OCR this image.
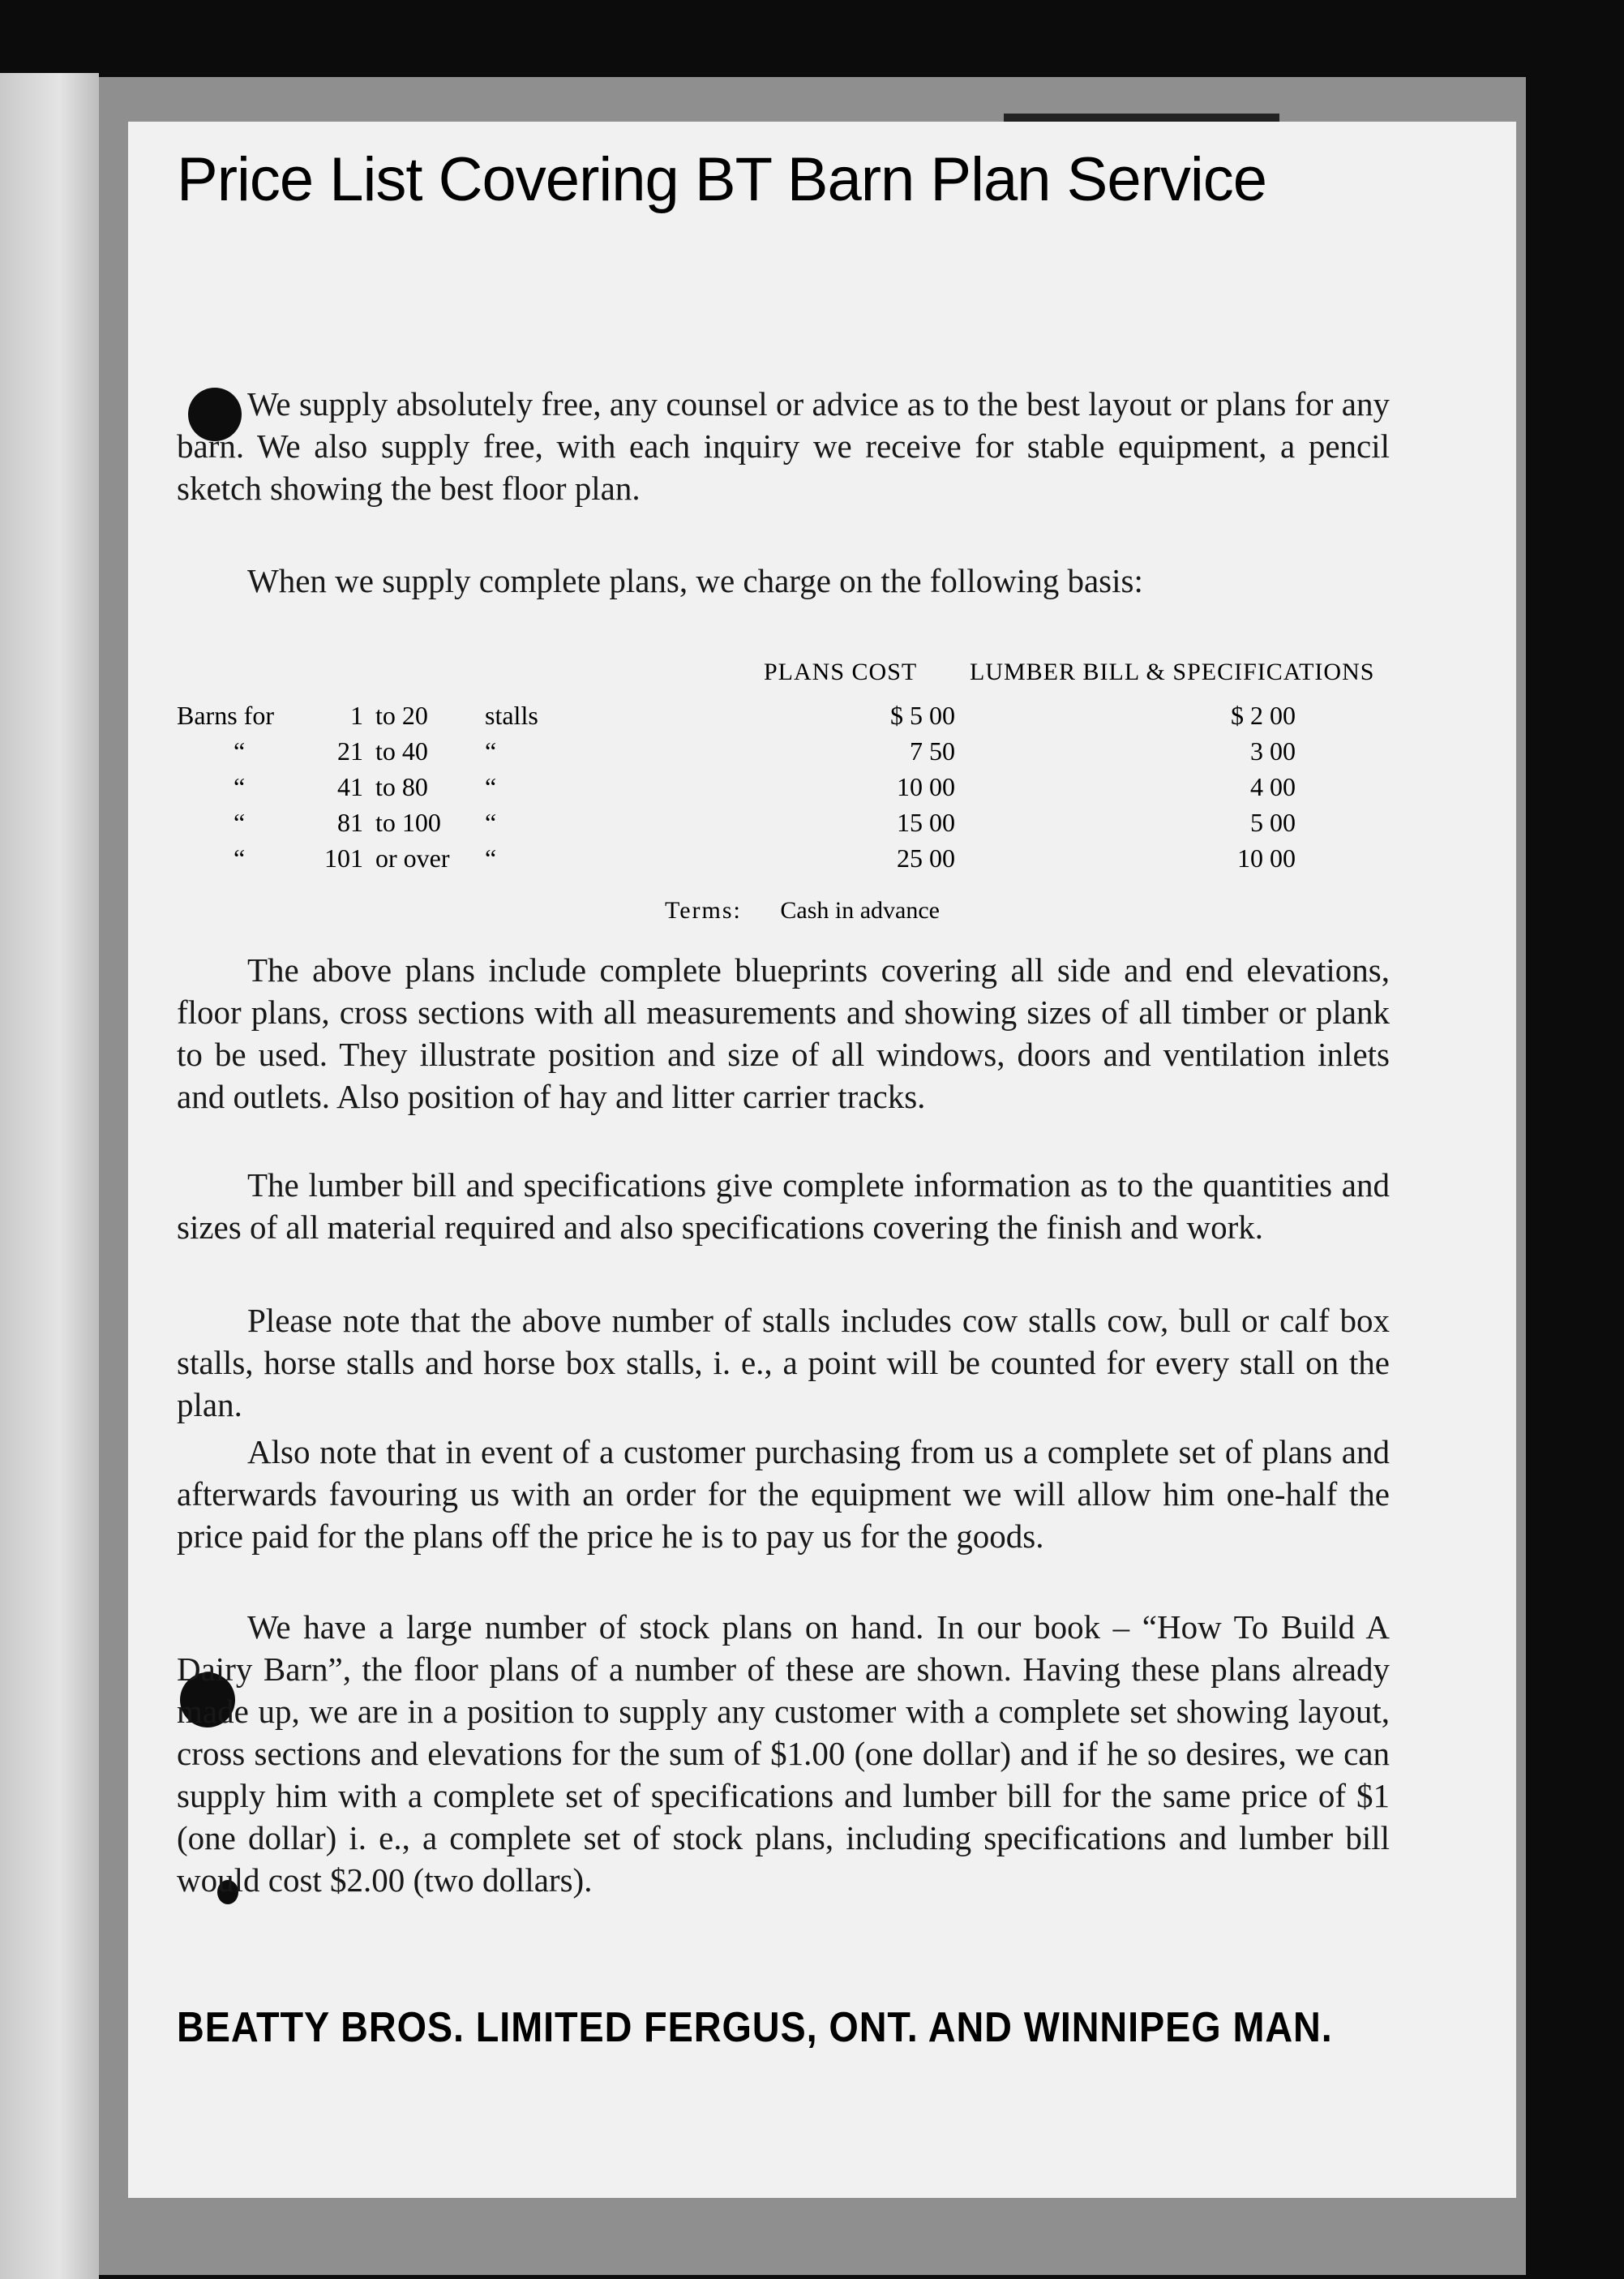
Price List Covering BT Barn Plan Service

We supply absolutely free, any counsel or advice as to the best layout or plans for any barn. We also supply free, with each inquiry we receive for stable equipment, a pencil sketch showing the best floor plan.

When we supply complete plans, we charge on the following basis:

PLANS COST LUMBER BILL & SPECIFICATIONS
Barns for	1 to 20 stalls	$ 5 00	$ 2 00
“	21 to 40 “	7 50	3 00
“	41 to 80 “	10 00	4 00
“	81 to 100 “	15 00	5 00
“	101 or over “	25 00	10 00
Terms: Cash in advance

The above plans include complete blueprints covering all side and end elevations, floor plans, cross sections with all measurements and showing sizes of all timber or plank to be used. They illustrate position and size of all windows, doors and ventilation inlets and outlets. Also position of hay and litter carrier tracks.

The lumber bill and specifications give complete information as to the quantities and sizes of all material required and also specifications covering the finish and work.

Please note that the above number of stalls includes cow stalls cow, bull or calf box stalls, horse stalls and horse box stalls, i. e., a point will be counted for every stall on the plan.

Also note that in event of a customer purchasing from us a complete set of plans and afterwards favouring us with an order for the equipment we will allow him one-half the price paid for the plans off the price he is to pay us for the goods.

We have a large number of stock plans on hand. In our book – “How To Build A Dairy Barn”, the floor plans of a number of these are shown. Having these plans already made up, we are in a position to supply any customer with a complete set showing layout, cross sections and elevations for the sum of $1.00 (one dollar) and if he so desires, we can supply him with a complete set of specifications and lumber bill for the same price of $1 (one dollar) i. e., a complete set of stock plans, including specifications and lumber bill would cost $2.00 (two dollars).

BEATTY BROS. LIMITED FERGUS, ONT. AND WINNIPEG MAN.
